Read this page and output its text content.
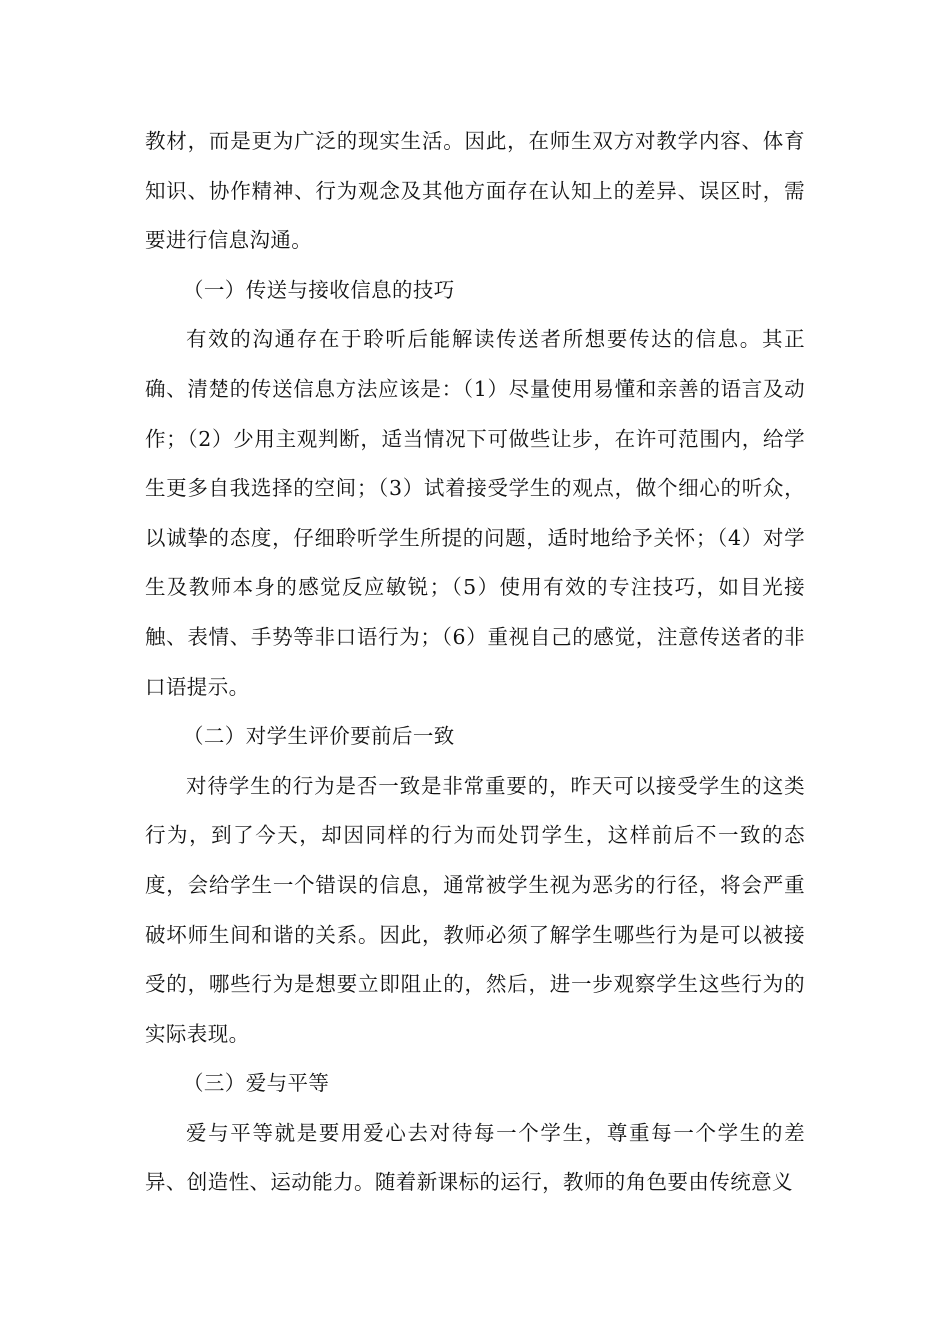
教材，而是更为广泛的现实生活。因此，在师生双方对教学内容、体育知识、协作精神、行为观念及其他方面存在认知上的差异、误区时，需要进行信息沟通。

（一）传送与接收信息的技巧

有效的沟通存在于聆听后能解读传送者所想要传达的信息。其正确、清楚的传送信息方法应该是：（1）尽量使用易懂和亲善的语言及动作；（2）少用主观判断，适当情况下可做些让步，在许可范围内，给学生更多自我选择的空间；（3）试着接受学生的观点，做个细心的听众，以诚挚的态度，仔细聆听学生所提的问题，适时地给予关怀；（4）对学生及教师本身的感觉反应敏锐；（5）使用有效的专注技巧，如目光接触、表情、手势等非口语行为；（6）重视自己的感觉，注意传送者的非口语提示。

（二）对学生评价要前后一致

对待学生的行为是否一致是非常重要的，昨天可以接受学生的这类行为，到了今天，却因同样的行为而处罚学生，这样前后不一致的态度，会给学生一个错误的信息，通常被学生视为恶劣的行径，将会严重破坏师生间和谐的关系。因此，教师必须了解学生哪些行为是可以被接受的，哪些行为是想要立即阻止的，然后，进一步观察学生这些行为的实际表现。

（三）爱与平等

爱与平等就是要用爱心去对待每一个学生，尊重每一个学生的差异、创造性、运动能力。随着新课标的运行，教师的角色要由传统意义
